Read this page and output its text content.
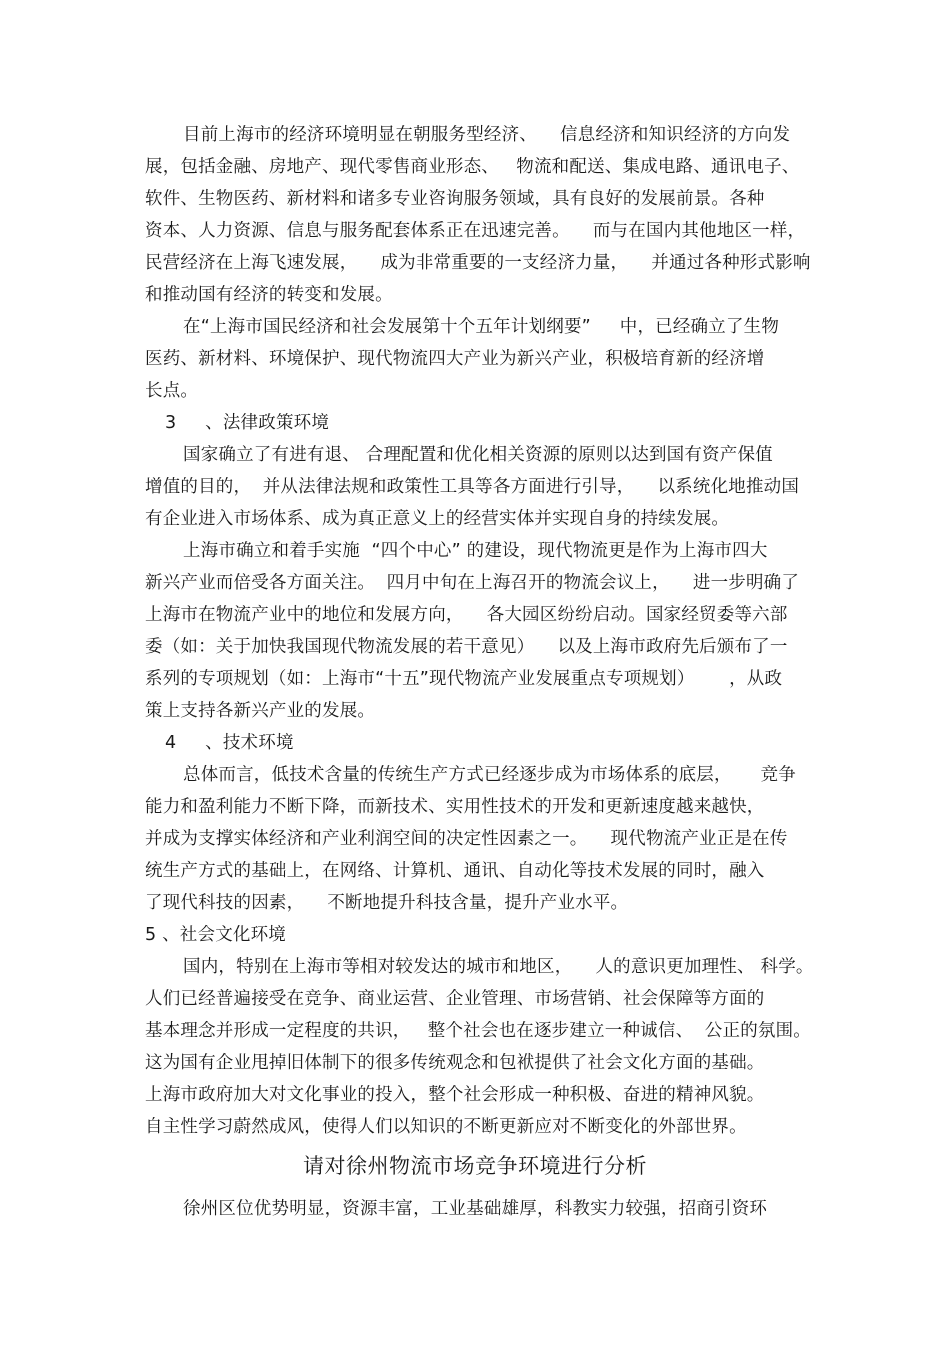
目前上海市的经济环境明显在朝服务型经济、    信息经济和知识经济的方向发
展，包括金融、房地产、现代零售商业形态、   物流和配送、集成电路、通讯电子、
软件、生物医药、新材料和诸多专业咨询服务领域，具有良好的发展前景。各种
资本、人力资源、信息与服务配套体系正在迅速完善。    而与在国内其他地区一样，
民营经济在上海飞速发展，    成为非常重要的一支经济力量，    并通过各种形式影响
和推动国有经济的转变和发展。
在“上海市国民经济和社会发展第十个五年计划纲要”     中，已经确立了生物
医药、新材料、环境保护、现代物流四大产业为新兴产业，积极培育新的经济增
长点。
3     、法律政策环境
国家确立了有进有退、 合理配置和优化相关资源的原则以达到国有资产保值
增值的目的，  并从法律法规和政策性工具等各方面进行引导，    以系统化地推动国
有企业进入市场体系、成为真正意义上的经营实体并实现自身的持续发展。
上海市确立和着手实施  “四个中心” 的建设，现代物流更是作为上海市四大
新兴产业而倍受各方面关注。  四月中旬在上海召开的物流会议上，    进一步明确了
上海市在物流产业中的地位和发展方向，    各大园区纷纷启动。国家经贸委等六部
委（如：关于加快我国现代物流发展的若干意见）    以及上海市政府先后颁布了一
系列的专项规划（如：上海市“十五”现代物流产业发展重点专项规划）      ，从政
策上支持各新兴产业的发展。
4     、技术环境
总体而言，低技术含量的传统生产方式已经逐步成为市场体系的底层，     竞争
能力和盈利能力不断下降，而新技术、实用性技术的开发和更新速度越来越快，
并成为支撑实体经济和产业利润空间的决定性因素之一。    现代物流产业正是在传
统生产方式的基础上，在网络、计算机、通讯、自动化等技术发展的同时，融入
了现代科技的因素，    不断地提升科技含量，提升产业水平。
5 、社会文化环境
国内，特别在上海市等相对较发达的城市和地区，    人的意识更加理性、 科学。
人们已经普遍接受在竞争、商业运营、企业管理、市场营销、社会保障等方面的
基本理念并形成一定程度的共识，   整个社会也在逐步建立一种诚信、  公正的氛围。
这为国有企业甩掉旧体制下的很多传统观念和包袱提供了社会文化方面的基础。
上海市政府加大对文化事业的投入，整个社会形成一种积极、奋进的精神风貌。
自主性学习蔚然成风，使得人们以知识的不断更新应对不断变化的外部世界。
请对徐州物流市场竞争环境进行分析
徐州区位优势明显，资源丰富，工业基础雄厚，科教实力较强，招商引资环
